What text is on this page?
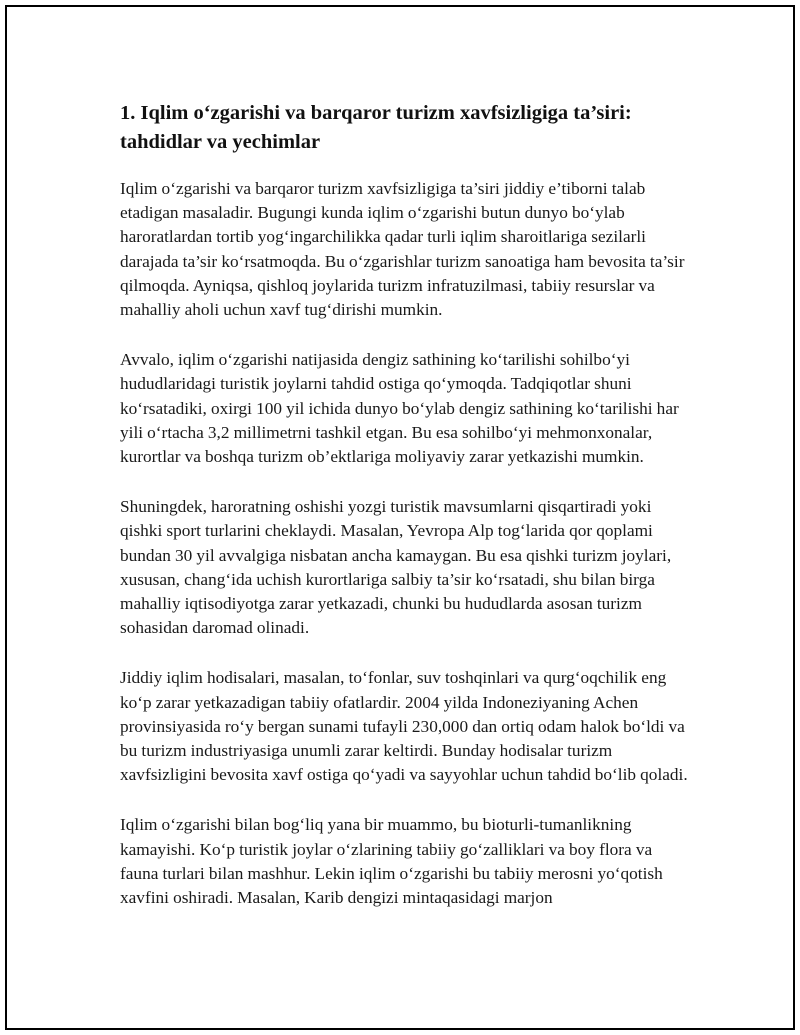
1. Iqlim o‘zgarishi va barqaror turizm xavfsizligiga ta’siri: tahdidlar va yechimlar

Iqlim o‘zgarishi va barqaror turizm xavfsizligiga ta’siri jiddiy e’tiborni talab etadigan masaladir. Bugungi kunda iqlim o‘zgarishi butun dunyo bo‘ylab haroratlardan tortib yog‘ingarchilikka qadar turli iqlim sharoitlariga sezilarli darajada ta’sir ko‘rsatmoqda. Bu o‘zgarishlar turizm sanoatiga ham bevosita ta’sir qilmoqda. Ayniqsa, qishloq joylarida turizm infratuzilmasi, tabiiy resurslar va mahalliy aholi uchun xavf tug‘dirishi mumkin.

Avvalo, iqlim o‘zgarishi natijasida dengiz sathining ko‘tarilishi sohilbo‘yi hududlaridagi turistik joylarni tahdid ostiga qo‘ymoqda. Tadqiqotlar shuni ko‘rsatadiki, oxirgi 100 yil ichida dunyo bo‘ylab dengiz sathining ko‘tarilishi har yili o‘rtacha 3,2 millimetrni tashkil etgan. Bu esa sohilbo‘yi mehmonxonalar, kurortlar va boshqa turizm ob’ektlariga moliyaviy zarar yetkazishi mumkin.

Shuningdek, haroratning oshishi yozgi turistik mavsumlarni qisqartiradi yoki qishki sport turlarini cheklaydi. Masalan, Yevropa Alp tog‘larida qor qoplami bundan 30 yil avvalgiga nisbatan ancha kamaygan. Bu esa qishki turizm joylari, xususan, chang‘ida uchish kurortlariga salbiy ta’sir ko‘rsatadi, shu bilan birga mahalliy iqtisodiyotga zarar yetkazadi, chunki bu hududlarda asosan turizm sohasidan daromad olinadi.

Jiddiy iqlim hodisalari, masalan, to‘fonlar, suv toshqinlari va qurg‘oqchilik eng ko‘p zarar yetkazadigan tabiiy ofatlardir. 2004 yilda Indoneziyaning Achen provinsiyasida ro‘y bergan sunami tufayli 230,000 dan ortiq odam halok bo‘ldi va bu turizm industriyasiga unumli zarar keltirdi. Bunday hodisalar turizm xavfsizligini bevosita xavf ostiga qo‘yadi va sayyohlar uchun tahdid bo‘lib qoladi.

Iqlim o‘zgarishi bilan bog‘liq yana bir muammo, bu bioturli-tumanlikning kamayishi. Ko‘p turistik joylar o‘zlarining tabiiy go‘zalliklari va boy flora va fauna turlari bilan mashhur. Lekin iqlim o‘zgarishi bu tabiiy merosni yo‘qotish xavfini oshiradi. Masalan, Karib dengizi mintaqasidagi marjon
